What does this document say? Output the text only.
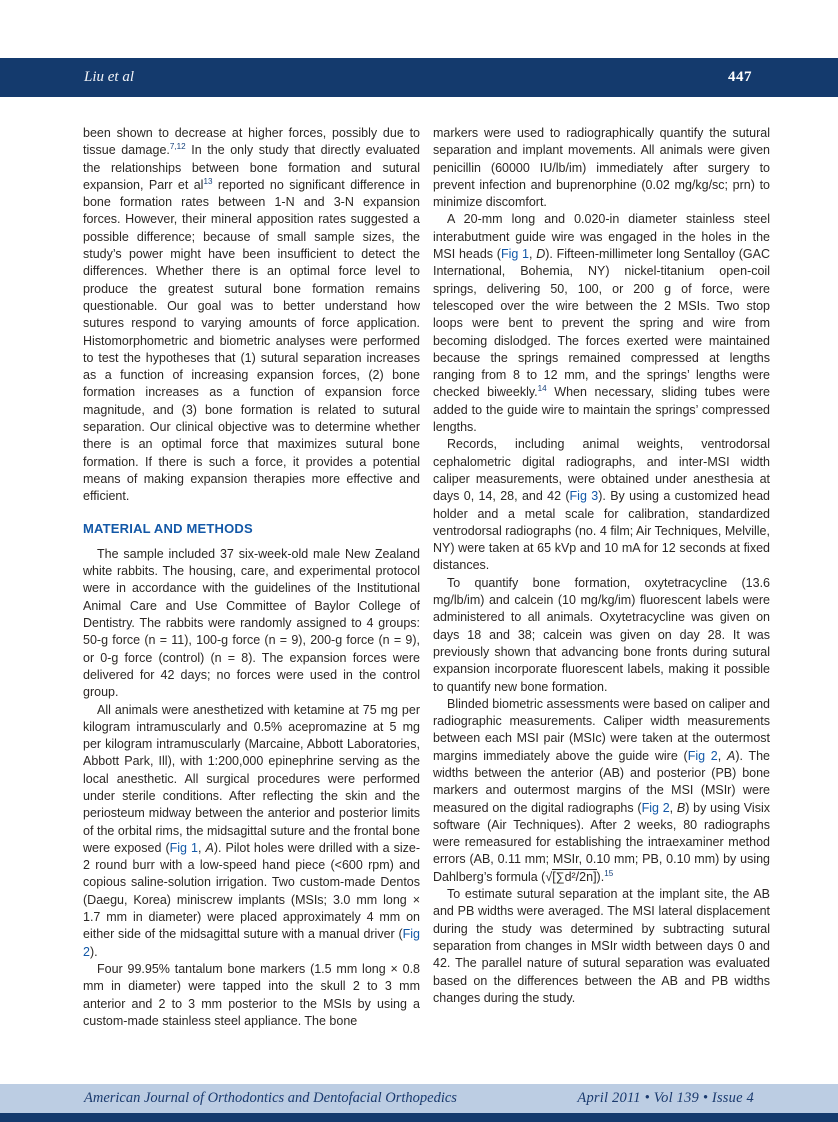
Liu et al	447

been shown to decrease at higher forces, possibly due to tissue damage.$^{7,12}$ In the only study that directly evaluated the relationships between bone formation and sutural expansion, Parr et $al^{13}$ reported no significant difference in bone formation rates between 1-N and 3-N expansion forces. However, their mineral apposition rates suggested a possible difference; because of small sample sizes, the study’s power might have been insufficient to detect the differences. Whether there is an optimal force level to produce the greatest sutural bone formation remains questionable. Our goal was to better understand how sutures respond to varying amounts of force application. Histomorphometric and biometric analyses were performed to test the hypotheses that (1) sutural separation increases as a function of increasing expansion forces, (2) bone formation increases as a function of expansion force magnitude, and (3) bone formation is related to sutural separation. Our clinical objective was to determine whether there is an optimal force that maximizes sutural bone formation. If there is such a force, it provides a potential means of making expansion therapies more effective and efficient.

MATERIAL AND METHODS

The sample included 37 six-week-old male New Zealand white rabbits. The housing, care, and experimental protocol were in accordance with the guidelines of the Institutional Animal Care and Use Committee of Baylor College of Dentistry. The rabbits were randomly assigned to 4 groups: 50-g force (n = 11), 100-g force (n = 9), 200-g force (n = 9), or 0-g force (control) (n = 8). The expansion forces were delivered for 42 days; no forces were used in the control group.

All animals were anesthetized with ketamine at 75 mg per kilogram intramuscularly and 0.5% acepromazine at 5 mg per kilogram intramuscularly (Marcaine, Abbott Laboratories, Abbott Park, Ill), with 1:200,000 epinephrine serving as the local anesthetic. All surgical procedures were performed under sterile conditions. After reflecting the skin and the periosteum midway between the anterior and posterior limits of the orbital rims, the midsagittal suture and the frontal bone were exposed (Fig 1, A). Pilot holes were drilled with a size-2 round burr with a low-speed hand piece (<600 rpm) and copious saline-solution irrigation. Two custom-made Dentos (Daegu, Korea) miniscrew implants (MSIs; 3.0 mm long × 1.7 mm in diameter) were placed approximately 4 mm on either side of the midsagittal suture with a manual driver (Fig 2).

Four 99.95% tantalum bone markers (1.5 mm long × 0.8 mm in diameter) were tapped into the skull 2 to 3 mm anterior and 2 to 3 mm posterior to the MSIs by using a custom-made stainless steel appliance. The bone

markers were used to radiographically quantify the sutural separation and implant movements. All animals were given penicillin (60000 IU/lb/im) immediately after surgery to prevent infection and buprenorphine (0.02 mg/kg/sc; prn) to minimize discomfort.

A 20-mm long and 0.020-in diameter stainless steel interabutment guide wire was engaged in the holes in the MSI heads (Fig 1, D). Fifteen-millimeter long Sentalloy (GAC International, Bohemia, NY) nickel-titanium open-coil springs, delivering 50, 100, or 200 g of force, were telescoped over the wire between the 2 MSIs. Two stop loops were bent to prevent the spring and wire from becoming dislodged. The forces exerted were maintained because the springs remained compressed at lengths ranging from 8 to 12 mm, and the springs’ lengths were checked biweekly.$^{14}$ When necessary, sliding tubes were added to the guide wire to maintain the springs’ compressed lengths.

Records, including animal weights, ventrodorsal cephalometric digital radiographs, and inter-MSI width caliper measurements, were obtained under anesthesia at days 0, 14, 28, and 42 (Fig 3). By using a customized head holder and a metal scale for calibration, standardized ventrodorsal radiographs (no. 4 film; Air Techniques, Melville, NY) were taken at 65 kVp and 10 mA for 12 seconds at fixed distances.

To quantify bone formation, oxytetracycline (13.6 mg/lb/im) and calcein (10 mg/kg/im) fluorescent labels were administered to all animals. Oxytetracycline was given on days 18 and 38; calcein was given on day 28. It was previously shown that advancing bone fronts during sutural expansion incorporate fluorescent labels, making it possible to quantify new bone formation.

Blinded biometric assessments were based on caliper and radiographic measurements. Caliper width measurements between each MSI pair (MSIc) were taken at the outermost margins immediately above the guide wire (Fig 2, A). The widths between the anterior (AB) and posterior (PB) bone markers and outermost margins of the MSI (MSIr) were measured on the digital radiographs (Fig 2, B) by using Visix software (Air Techniques). After 2 weeks, 80 radiographs were remeasured for establishing the intraexaminer method errors (AB, 0.11 mm; MSIr, 0.10 mm; PB, 0.10 mm) by using Dahlberg’s formula (√[∑d²/2n]).$^{15}$

To estimate sutural separation at the implant site, the AB and PB widths were averaged. The MSI lateral displacement during the study was determined by subtracting sutural separation from changes in MSIr width between days 0 and 42. The parallel nature of sutural separation was evaluated based on the differences between the AB and PB widths changes during the study.

American Journal of Orthodontics and Dentofacial Orthopedics	April 2011 • Vol 139 • Issue 4
